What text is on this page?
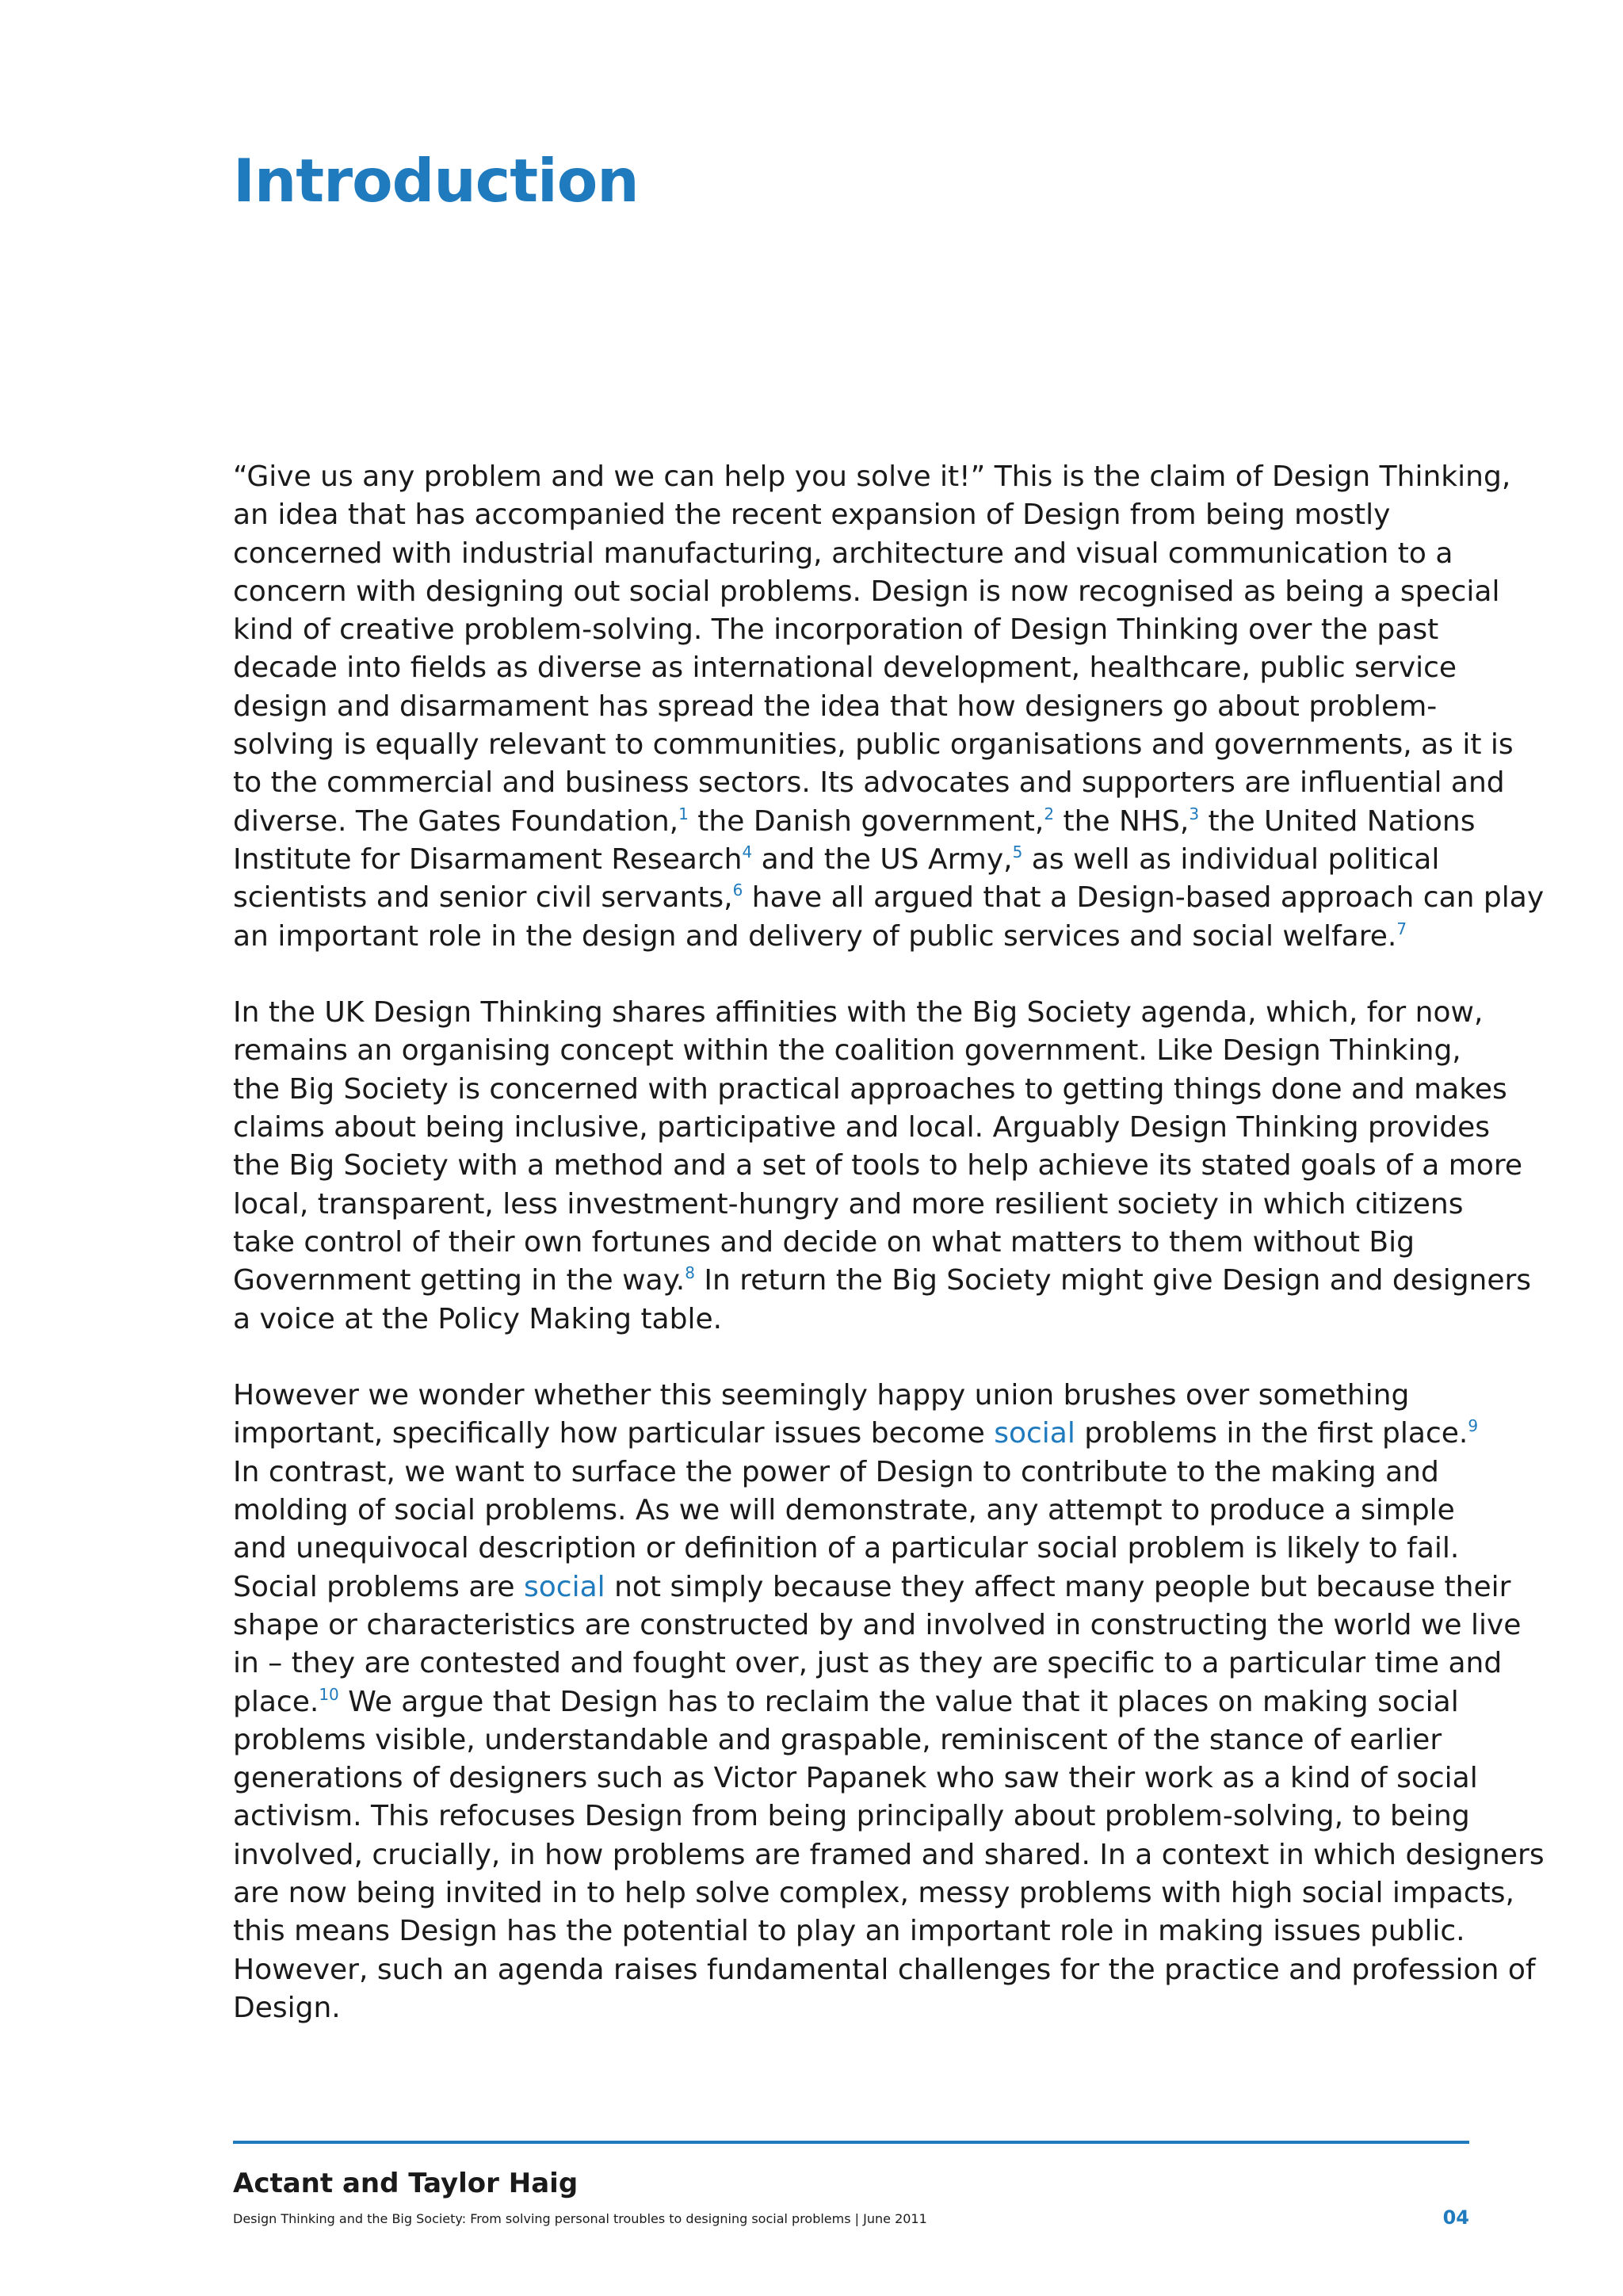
Introduction

“Give us any problem and we can help you solve it!” This is the claim of Design Thinking,
an idea that has accompanied the recent expansion of Design from being mostly
concerned with industrial manufacturing, architecture and visual communication to a
concern with designing out social problems. Design is now recognised as being a special
kind of creative problem-solving. The incorporation of Design Thinking over the past
decade into fields as diverse as international development, healthcare, public service
design and disarmament has spread the idea that how designers go about problem-
solving is equally relevant to communities, public organisations and governments, as it is
to the commercial and business sectors. Its advocates and supporters are influential and
diverse. The Gates Foundation,$^1$ the Danish government,$^2$ the NHS,$^3$ the United Nations
Institute for Disarmament Research$^4$ and the US Army,$^5$ as well as individual political
scientists and senior civil servants,$^6$ have all argued that a Design-based approach can play
an important role in the design and delivery of public services and social welfare.$^7$

In the UK Design Thinking shares affinities with the Big Society agenda, which, for now,
remains an organising concept within the coalition government. Like Design Thinking,
the Big Society is concerned with practical approaches to getting things done and makes
claims about being inclusive, participative and local. Arguably Design Thinking provides
the Big Society with a method and a set of tools to help achieve its stated goals of a more
local, transparent, less investment-hungry and more resilient society in which citizens
take control of their own fortunes and decide on what matters to them without Big
Government getting in the way.$^8$ In return the Big Society might give Design and designers
a voice at the Policy Making table.

However we wonder whether this seemingly happy union brushes over something
important, specifically how particular issues become social problems in the first place.$^9$
In contrast, we want to surface the power of Design to contribute to the making and
molding of social problems. As we will demonstrate, any attempt to produce a simple
and unequivocal description or definition of a particular social problem is likely to fail.
Social problems are social not simply because they affect many people but because their
shape or characteristics are constructed by and involved in constructing the world we live
in – they are contested and fought over, just as they are specific to a particular time and
place.$^{10}$ We argue that Design has to reclaim the value that it places on making social
problems visible, understandable and graspable, reminiscent of the stance of earlier
generations of designers such as Victor Papanek who saw their work as a kind of social
activism. This refocuses Design from being principally about problem-solving, to being
involved, crucially, in how problems are framed and shared. In a context in which designers
are now being invited in to help solve complex, messy problems with high social impacts,
this means Design has the potential to play an important role in making issues public.
However, such an agenda raises fundamental challenges for the practice and profession of
Design.

Actant and Taylor Haig

Design Thinking and the Big Society: From solving personal troubles to designing social problems | June 2011	04
